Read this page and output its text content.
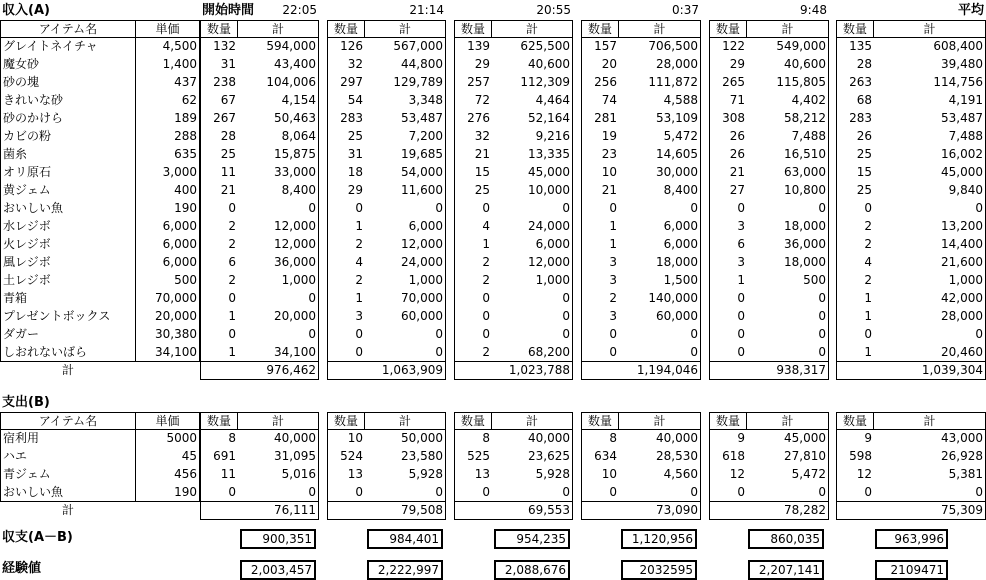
収入(A)	開始時間	22:05	21:14	20:55	0:37	9:48	平均
アイテム名	単価	数量	計	数量	計	数量	計	数量	計	数量	計	数量	計
グレイトネイチャ	4,500	132	594,000	126	567,000	139	625,500	157	706,500	122	549,000	135	608,400
魔女砂	1,400	31	43,400	32	44,800	29	40,600	20	28,000	29	40,600	28	39,480
砂の塊	437	238	104,006	297	129,789	257	112,309	256	111,872	265	115,805	263	114,756
きれいな砂	62	67	4,154	54	3,348	72	4,464	74	4,588	71	4,402	68	4,191
砂のかけら	189	267	50,463	283	53,487	276	52,164	281	53,109	308	58,212	283	53,487
カビの粉	288	28	8,064	25	7,200	32	9,216	19	5,472	26	7,488	26	7,488
菌糸	635	25	15,875	31	19,685	21	13,335	23	14,605	26	16,510	25	16,002
オリ原石	3,000	11	33,000	18	54,000	15	45,000	10	30,000	21	63,000	15	45,000
黄ジェム	400	21	8,400	29	11,600	25	10,000	21	8,400	27	10,800	25	9,840
おいしい魚	190	0	0	0	0	0	0	0	0	0	0	0	0
水レジボ	6,000	2	12,000	1	6,000	4	24,000	1	6,000	3	18,000	2	13,200
火レジボ	6,000	2	12,000	2	12,000	1	6,000	1	6,000	6	36,000	2	14,400
風レジボ	6,000	6	36,000	4	24,000	2	12,000	3	18,000	3	18,000	4	21,600
土レジボ	500	2	1,000	2	1,000	2	1,000	3	1,500	1	500	2	1,000
青箱	70,000	0	0	1	70,000	0	0	2	140,000	0	0	1	42,000
プレゼントボックス	20,000	1	20,000	3	60,000	0	0	3	60,000	0	0	1	28,000
ダガー	30,380	0	0	0	0	0	0	0	0	0	0	0	0
しおれないばら	34,100	1	34,100	0	0	2	68,200	0	0	0	0	1	20,460
計	976,462	1,063,909	1,023,788	1,194,046	938,317	1,039,304
支出(B)
アイテム名	単価	数量	計	数量	計	数量	計	数量	計	数量	計	数量	計
宿利用	5000	8	40,000	10	50,000	8	40,000	8	40,000	9	45,000	9	43,000
ハエ	45	691	31,095	524	23,580	525	23,625	634	28,530	618	27,810	598	26,928
青ジェム	456	11	5,016	13	5,928	13	5,928	10	4,560	12	5,472	12	5,381
おいしい魚	190	0	0	0	0	0	0	0	0	0	0	0	0
計	76,111	79,508	69,553	73,090	78,282	75,309
収支(A－B)	900,351	984,401	954,235	1,120,956	860,035	963,996
経験値	2,003,457	2,222,997	2,088,676	2032595	2,207,141	2109471
